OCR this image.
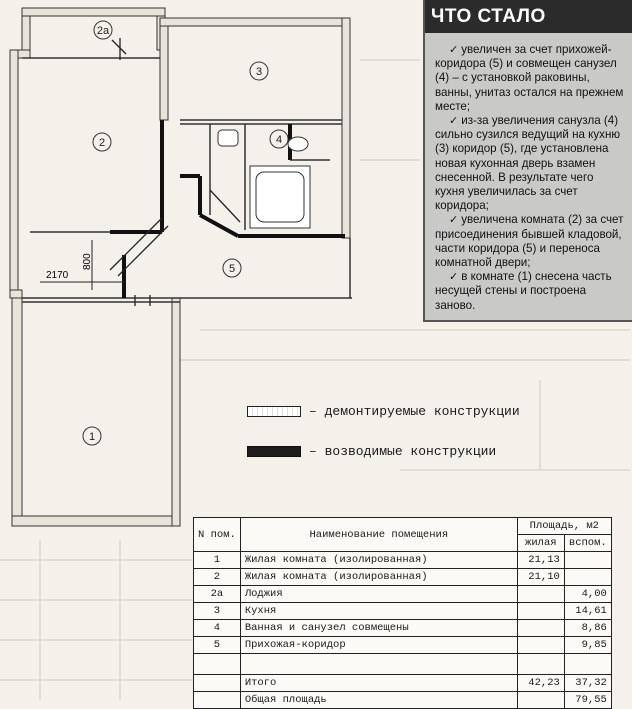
2а
2
3
4
5
1
2170
800
ЧТО СТАЛО

✓ увеличен за счет прихожей-коридора (5) и совмещен санузел (4) – с установкой раковины, ванны, унитаз остался на прежнем месте;

✓ из-за увеличения санузла (4) сильно сузился ведущий на кухню (3) коридор (5), где установлена новая кухонная дверь взамен снесенной. В результате чего кухня увеличилась за счет коридора;

✓ увеличена комната (2) за счет присоединения бывшей кладовой, части коридора (5) и переноса комнатной двери;

✓ в комнате (1) снесена часть несущей стены и построена заново.

– демонтируемые конструкции
– возводимые конструкции
N пом.	Наименование помещения	Площадь, м2	
		жилая	вспом.
1	Жилая комната (изолированная)	21,13	
2	Жилая комната (изолированная)	21,10	
2а	Лоджия		4,00
3	Кухня		14,61
4	Ванная и санузел совмещены		8,86
5	Прихожая-коридор		9,85

	Итого	42,23	37,32
	Общая площадь		79,55
